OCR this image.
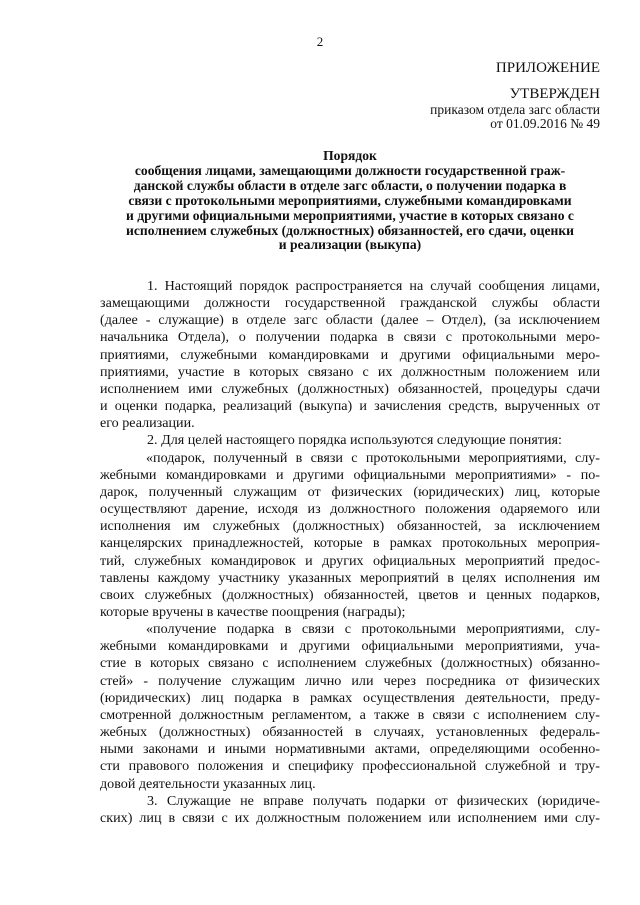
2
ПРИЛОЖЕНИЕ
УТВЕРЖДЕН
приказом отдела загс области
от 01.09.2016 № 49
Порядок
сообщения лицами, замещающими должности государственной граж-
данской службы области в отделе загс области, о получении подарка в
связи с протокольными мероприятиями, служебными командировками
и другими официальными мероприятиями, участие в которых связано с
исполнением служебных (должностных) обязанностей, его сдачи, оценки
и реализации (выкупа)
1. Настоящий порядок распространяется на случай сообщения лицами,
замещающими должности государственной гражданской службы области
(далее - служащие) в отделе загс области (далее – Отдел), (за исключением
начальника Отдела), о получении подарка в связи с протокольными меро-
приятиями, служебными командировками и другими официальными меро-
приятиями, участие в которых связано с их должностным положением или
исполнением ими служебных (должностных) обязанностей, процедуры сдачи
и оценки подарка, реализаций (выкупа) и зачисления средств, вырученных от
его реализации.
2. Для целей настоящего порядка используются следующие понятия:
«подарок, полученный в связи с протокольными мероприятиями, слу-
жебными командировками и другими официальными мероприятиями» - по-
дарок, полученный служащим от физических (юридических) лиц, которые
осуществляют дарение, исходя из должностного положения одаряемого или
исполнения им служебных (должностных) обязанностей, за исключением
канцелярских принадлежностей, которые в рамках протокольных мероприя-
тий, служебных командировок и других официальных мероприятий предос-
тавлены каждому участнику указанных мероприятий в целях исполнения им
своих служебных (должностных) обязанностей, цветов и ценных подарков,
которые вручены в качестве поощрения (награды);
«получение подарка в связи с протокольными мероприятиями, слу-
жебными командировками и другими официальными мероприятиями, уча-
стие в которых связано с исполнением служебных (должностных) обязанно-
стей» - получение служащим лично или через посредника от физических
(юридических) лиц подарка в рамках осуществления деятельности, преду-
смотренной должностным регламентом, а также в связи с исполнением слу-
жебных (должностных) обязанностей в случаях, установленных федераль-
ными законами и иными нормативными актами, определяющими особенно-
сти правового положения и специфику профессиональной служебной и тру-
довой деятельности указанных лиц.
3. Служащие не вправе получать подарки от физических (юридиче-
ских) лиц в связи с их должностным положением или исполнением ими слу-
